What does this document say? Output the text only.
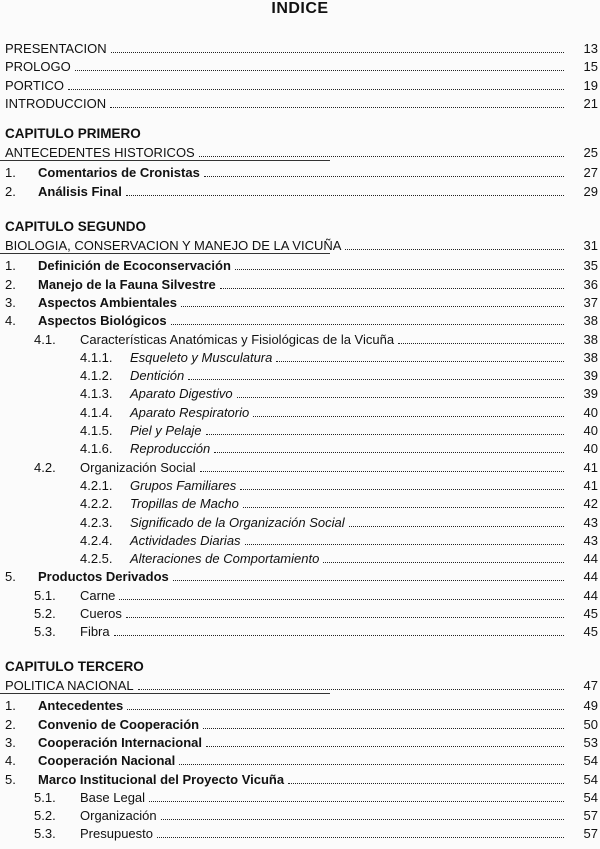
INDICE
PRESENTACION	13
PROLOGO	15
PORTICO	19
INTRODUCCION	21
CAPITULO PRIMERO
ANTECEDENTES HISTORICOS	25
1.	Comentarios de Cronistas	27
2.	Análisis Final	29
CAPITULO SEGUNDO
BIOLOGIA, CONSERVACION Y MANEJO DE LA VICUÑA	31
1.	Definición de Ecoconservación	35
2.	Manejo de la Fauna Silvestre	36
3.	Aspectos Ambientales	37
4.	Aspectos Biológicos	38
4.1.	Características Anatómicas y Fisiológicas de la Vicuña	38
4.1.1.	Esqueleto y Musculatura	38
4.1.2.	Dentición	39
4.1.3.	Aparato Digestivo	39
4.1.4.	Aparato Respiratorio	40
4.1.5.	Piel y Pelaje	40
4.1.6.	Reproducción	40
4.2.	Organización Social	41
4.2.1.	Grupos Familiares	41
4.2.2.	Tropillas de Macho	42
4.2.3.	Significado de la Organización Social	43
4.2.4.	Actividades Diarias	43
4.2.5.	Alteraciones de Comportamiento	44
5.	Productos Derivados	44
5.1.	Carne	44
5.2.	Cueros	45
5.3.	Fibra	45
CAPITULO TERCERO
POLITICA NACIONAL	47
1.	Antecedentes	49
2.	Convenio de Cooperación	50
3.	Cooperación Internacional	53
4.	Cooperación Nacional	54
5.	Marco Institucional del Proyecto Vicuña	54
5.1.	Base Legal	54
5.2.	Organización	57
5.3.	Presupuesto	57
